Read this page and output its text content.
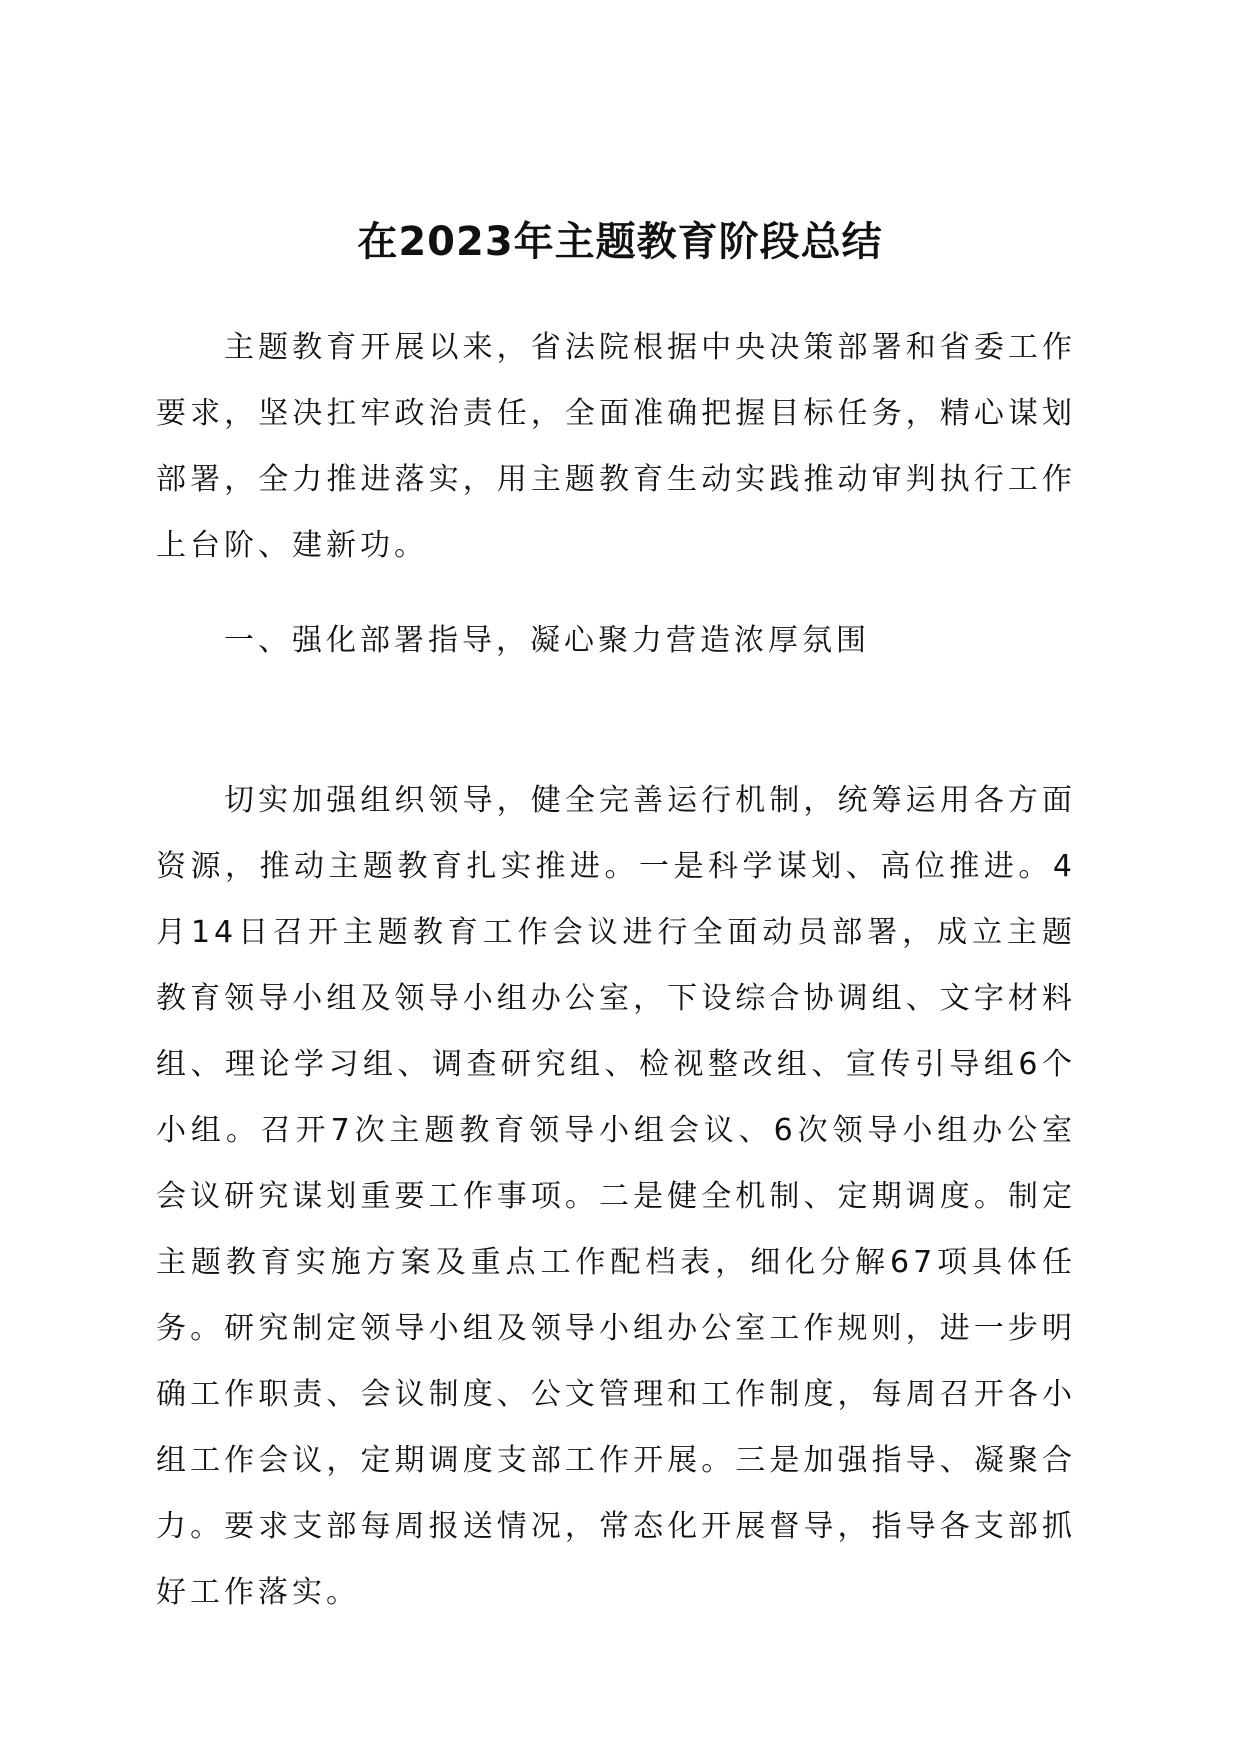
在2023年主题教育阶段总结

主题教育开展以来，省法院根据中央决策部署和省委工作要求，坚决扛牢政治责任，全面准确把握目标任务，精心谋划部署，全力推进落实，用主题教育生动实践推动审判执行工作上台阶、建新功。

一、强化部署指导，凝心聚力营造浓厚氛围

切实加强组织领导，健全完善运行机制，统筹运用各方面资源，推动主题教育扎实推进。一是科学谋划、高位推进。4月14日召开主题教育工作会议进行全面动员部署，成立主题教育领导小组及领导小组办公室，下设综合协调组、文字材料组、理论学习组、调查研究组、检视整改组、宣传引导组6个小组。召开7次主题教育领导小组会议、6次领导小组办公室会议研究谋划重要工作事项。二是健全机制、定期调度。制定主题教育实施方案及重点工作配档表，细化分解67项具体任务。研究制定领导小组及领导小组办公室工作规则，进一步明确工作职责、会议制度、公文管理和工作制度，每周召开各小组工作会议，定期调度支部工作开展。三是加强指导、凝聚合力。要求支部每周报送情况，常态化开展督导，指导各支部抓好工作落实。
